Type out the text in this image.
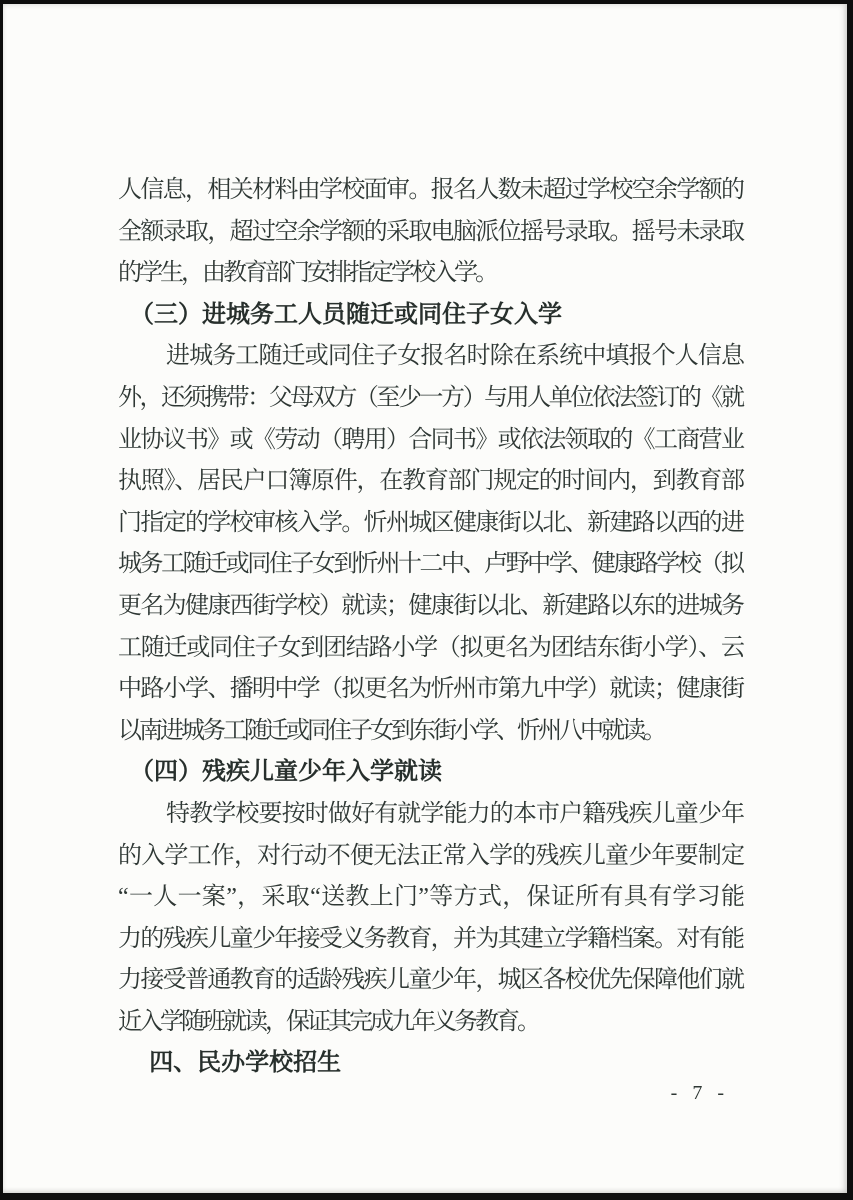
人信息，相关材料由学校面审。报名人数未超过学校空余学额的
全额录取，超过空余学额的采取电脑派位摇号录取。摇号未录取
的学生，由教育部门安排指定学校入学。
（三）进城务工人员随迁或同住子女入学
进城务工随迁或同住子女报名时除在系统中填报个人信息
外，还须携带：父母双方（至少一方）与用人单位依法签订的《就
业协议书》或《劳动（聘用）合同书》或依法领取的《工商营业
执照》、居民户口簿原件，在教育部门规定的时间内，到教育部
门指定的学校审核入学。忻州城区健康街以北、新建路以西的进
城务工随迁或同住子女到忻州十二中、卢野中学、健康路学校（拟
更名为健康西街学校）就读；健康街以北、新建路以东的进城务
工随迁或同住子女到团结路小学（拟更名为团结东街小学）、云
中路小学、播明中学（拟更名为忻州市第九中学）就读；健康街
以南进城务工随迁或同住子女到东街小学、忻州八中就读。
（四）残疾儿童少年入学就读
特教学校要按时做好有就学能力的本市户籍残疾儿童少年
的入学工作，对行动不便无法正常入学的残疾儿童少年要制定
“一人一案”，采取“送教上门”等方式，保证所有具有学习能
力的残疾儿童少年接受义务教育，并为其建立学籍档案。对有能
力接受普通教育的适龄残疾儿童少年，城区各校优先保障他们就
近入学随班就读，保证其完成九年义务教育。
四、民办学校招生
- 7 -
